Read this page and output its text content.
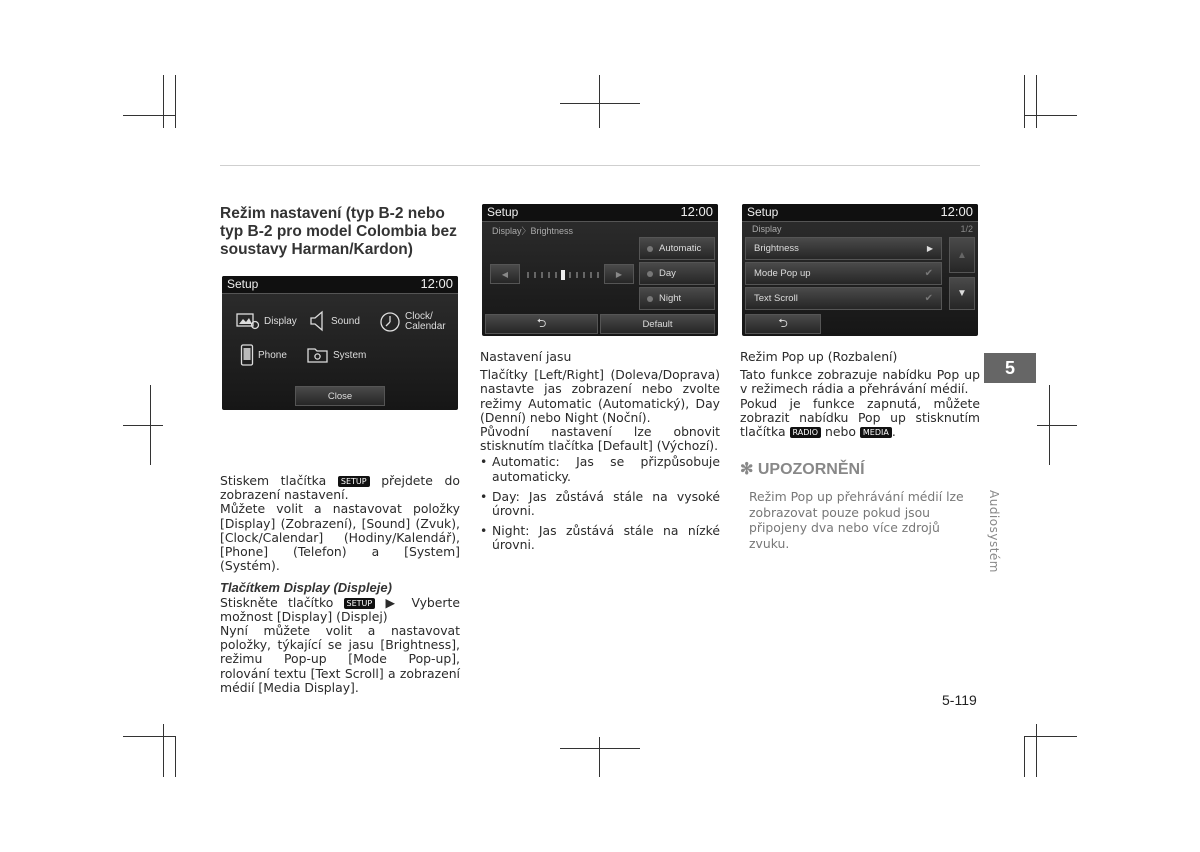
Režim nastavení (typ B-2 nebo typ B-2 pro model Colombia bez soustavy Harman/Kardon)

Stiskem tlačítka SETUP přejdete do zobrazení nastavení.

Můžete volit a nastavovat položky [Display] (Zobrazení), [Sound] (Zvuk), [Clock/Calendar] (Hodiny/Kalendář), [Phone] (Telefon) a [System] (Systém).

Tlačítkem Display (Displeje)

Stiskněte tlačítko SETUP ▶ Vyberte možnost [Display] (Displej)

Nyní můžete volit a nastavovat položky, týkající se jasu [Brightness], režimu Pop-up [Mode Pop-up], rolování textu [Text Scroll] a zobrazení médií [Media Display].

Setup	12:00
Display	Sound	Clock/
Calendar
Phone	System
Close
Setup	12:00
Display〉Brightness
◀	▶
Automatic
Day
Night
⮌	Default
Setup	12:00
Display	1/2
Brightness	▶
Mode Pop up	✔
Text Scroll	✔
▲
▼
⮌

Nastavení jasu

Tlačítky [Left/Right] (Doleva/Doprava) nastavte jas zobrazení nebo zvolte režimy Automatic (Automatický), Day (Denní) nebo Night (Noční).

Původní nastavení lze obnovit stisknutím tlačítka [Default] (Výchozí).

• Automatic: Jas se přizpůsobuje automaticky.
• Day: Jas zůstává stále na vysoké úrovni.
• Night: Jas zůstává stále na nízké úrovni.

Režim Pop up (Rozbalení)

Tato funkce zobrazuje nabídku Pop up v režimech rádia a přehrávání médií.

Pokud je funkce zapnutá, můžete zobrazit nabídku Pop up stisknutím tlačítka RADIO nebo MEDIA .

✻ UPOZORNĚNÍ
Režim Pop up přehrávání médií lze zobrazovat pouze pokud jsou připojeny dva nebo více zdrojů zvuku.
5
Audiosystém
5-119
